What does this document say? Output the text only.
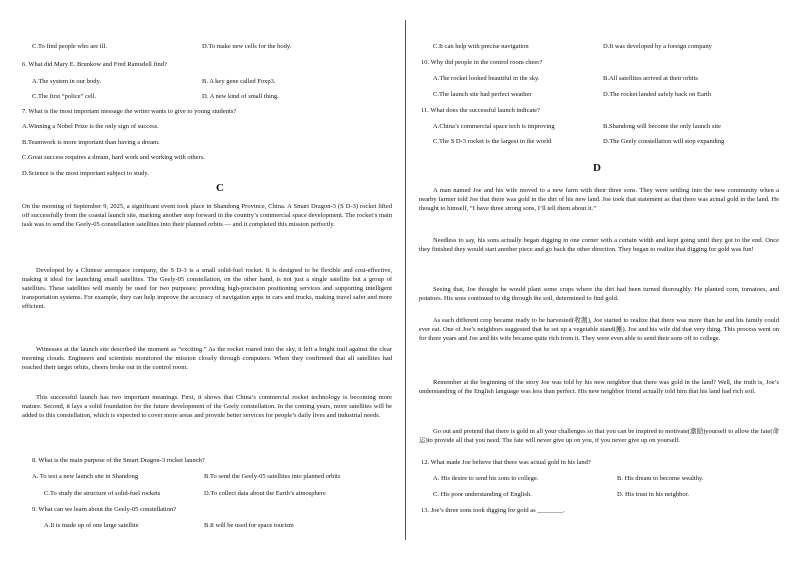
C.To find people who are ill.	D.To make new cells for the body.
6. What did Mary E. Brunkow and Fred Ramsdell find?
A.The system in our body.	B. A key gene called Foxp3.
C.The first “police” cell.	D. A new kind of small thing.
7. What is the most important message the writer wants to give to young students?
A.Winning a Nobel Prize is the only sign of success.
B.Teamwork is more important than having a dream.
C.Great success requires a dream, hard work and working with others.
D.Science is the most important subject to study.
C
On the morning of September 9, 2025, a significant event took place in Shandong Province, China. A Smart Dragon-3 (S D-3) rocket lifted off successfully from the coastal launch site, marking another step forward in the country’s commercial space development. The rocket’s main task was to send the Geely-05 constellation satellites into their planned orbits — and it completed this mission perfectly.
Developed by a Chinese aerospace company, the S D-3 is a small solid-fuel rocket. It is designed to be flexible and cost-effective, making it ideal for launching small satellites. The Geely-05 constellation, on the other hand, is not just a single satellite but a group of satellites. These satellites will mainly be used for two purposes: providing high-precision positioning services and supporting intelligent transportation systems. For example, they can help improve the accuracy of navigation apps in cars and trucks, making travel safer and more efficient.
Witnesses at the launch site described the moment as “exciting.” As the rocket roared into the sky, it left a bright trail against the clear morning clouds. Engineers and scientists monitored the mission closely through computers. When they confirmed that all satellites had reached their target orbits, cheers broke out in the control room.
This successful launch has two important meanings. First, it shows that China’s commercial rocket technology is becoming more mature. Second, it lays a solid foundation for the future development of the Geely constellation. In the coming years, more satellites will be added to this constellation, which is expected to cover more areas and provide better services for people’s daily lives and industrial needs.
8. What is the main purpose of the Smart Dragon-3 rocket launch?
A. To test a new launch site in Shandong	B.To send the Geely-05 satellites into planned orbits
C.To study the structure of solid-fuel rockets	D.To collect data about the Earth’s atmosphere
9. What can we learn about the Geely-05 constellation?
A.It is made up of one large satellite	B.It will be used for space tourism
C.It can help with precise navigation	D.It was developed by a foreign company
10. Why did people in the control room cheer?
A.The rocket looked beautiful in the sky.	B.All satellites arrived at their orbits
C.The launch site had perfect weather	D.The rocket landed safely back on Earth
11. What does the successful launch indicate?
A.China’s commercial space tech is improving	B.Shandong will become the only launch site
C.The S D-3 rocket is the largest in the world	D.The Geely constellation will stop expanding
D
A man named Joe and his wife moved to a new farm with their three sons. They were settling into the new community when a nearby farmer told Joe that there was gold in the dirt of his new land. Joe took that statement as that there was actual gold in the land. He thought to himself, “I have three strong sons, I’ll tell them about it.”
Needless to say, his sons actually began digging in one corner with a certain width and kept going until they got to the end. Once they finished they would start another piece and go back the other direction. They began to realize that digging for gold was fun!
Seeing that, Joe thought he would plant some crops where the dirt had been turned thoroughly. He planted corn, tomatoes, and potatoes. His sons continued to dig through the soil, determined to find gold.
As each different crop became ready to be harvested(收割), Joe started to realize that there was more than he and his family could ever eat. One of Joe’s neighbors suggested that he set up a vegetable stand(摊). Joe and his wife did that very thing. This process went on for three years and Joe and his wife became quite rich from it. They were even able to send their sons off to college.
Remember at the beginning of the story Joe was told by his new neighbor that there was gold in the land? Well, the truth is, Joe’s understanding of the English language was less than perfect. His new neighbor friend actually told him that his land had rich soil.
Go out and pretend that there is gold in all your challenges so that you can be inspired to motivate(激励)yourself to allow the fate(命运)to provide all that you need. The fate will never give up on you, if you never give up on yourself.
12. What made Joe believe that there was actual gold in his land?
A. His desire to send his sons to college.	B. His dream to become wealthy.
C. His poor understanding of English.	D. His trust in his neighbor.
13. Joe’s three sons took digging for gold as ________.
